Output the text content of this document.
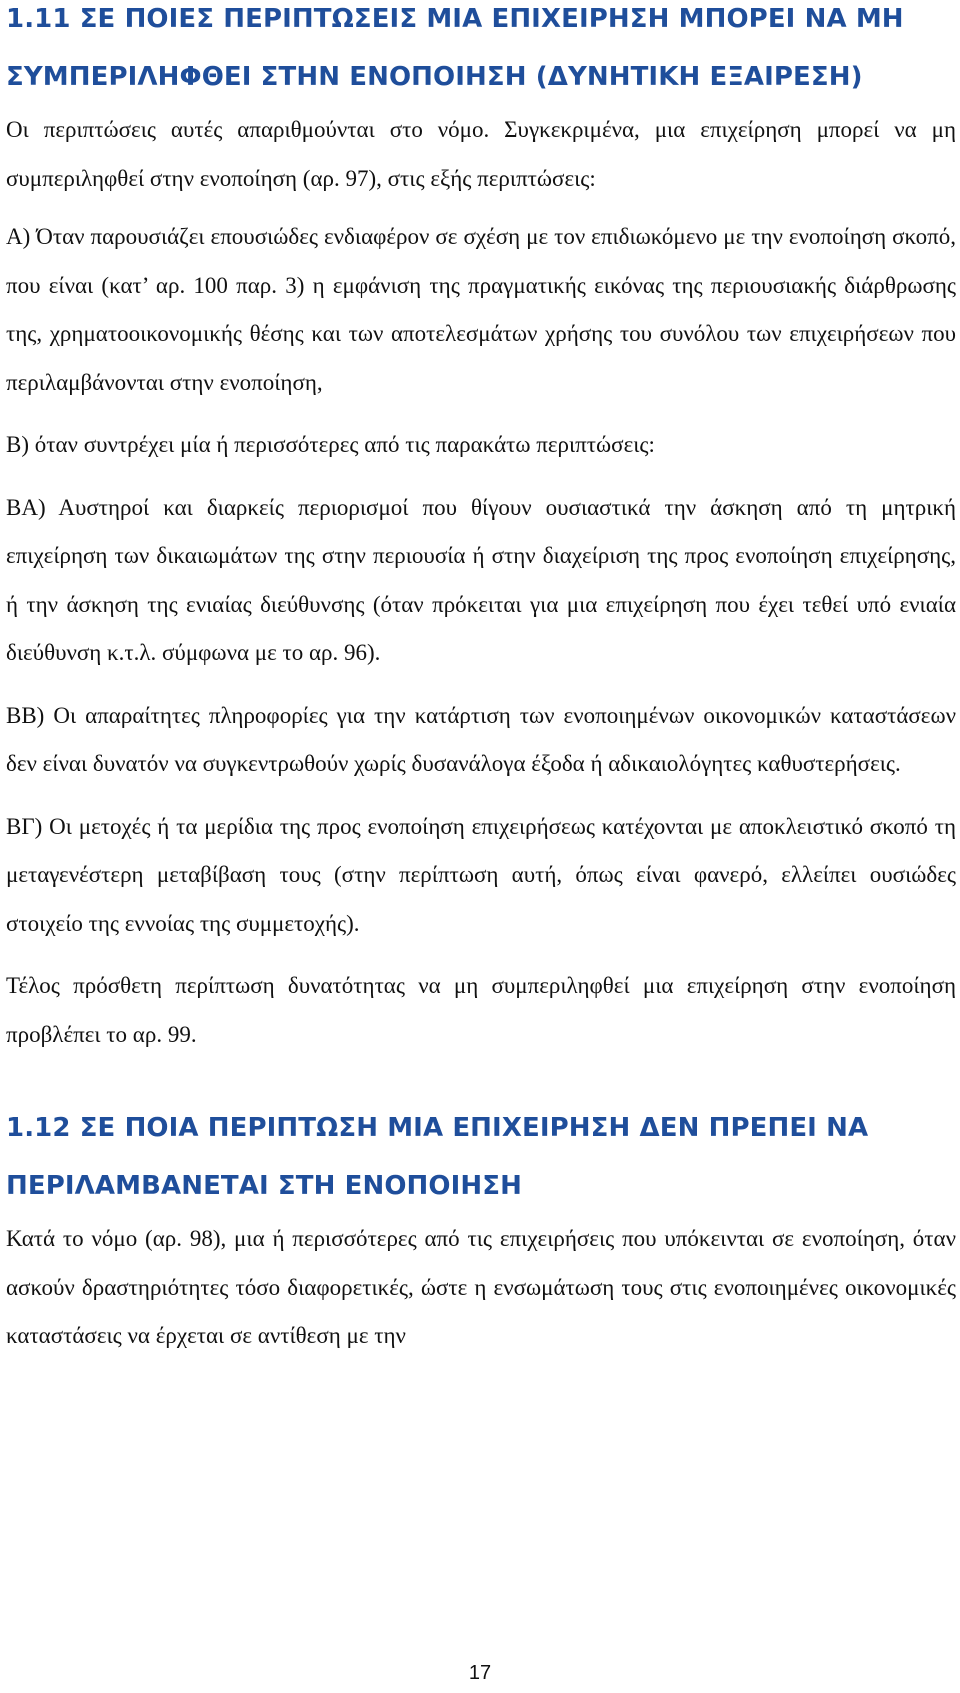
1.11 ΣΕ ΠΟΙΕΣ ΠΕΡΙΠΤΩΣΕΙΣ ΜΙΑ ΕΠΙΧΕΙΡΗΣΗ ΜΠΟΡΕΙ ΝΑ ΜΗ ΣΥΜΠΕΡΙΛΗΦΘΕΙ ΣΤΗΝ ΕΝΟΠΟΙΗΣΗ (ΔΥΝΗΤΙΚΗ ΕΞΑΙΡΕΣΗ)

Οι περιπτώσεις αυτές απαριθμούνται στο νόμο. Συγκεκριμένα, μια επιχείρηση μπορεί να μη συμπεριληφθεί στην ενοποίηση (αρ. 97), στις εξής περιπτώσεις:

Α) Όταν παρουσιάζει επουσιώδες ενδιαφέρον σε σχέση με τον επιδιωκόμενο με την ενοποίηση σκοπό, που είναι (κατ’ αρ. 100 παρ. 3) η εμφάνιση της πραγματικής εικόνας της περιουσιακής διάρθρωσης της, χρηματοοικονομικής θέσης και των αποτελεσμάτων χρήσης του συνόλου των επιχειρήσεων που περιλαμβάνονται στην ενοποίηση,

Β) όταν συντρέχει μία ή περισσότερες από τις παρακάτω περιπτώσεις:

ΒΑ) Αυστηροί και διαρκείς περιορισμοί που θίγουν ουσιαστικά την άσκηση από τη μητρική επιχείρηση των δικαιωμάτων της στην περιουσία ή στην διαχείριση της προς ενοποίηση επιχείρησης, ή την άσκηση της ενιαίας διεύθυνσης (όταν πρόκειται για μια επιχείρηση που έχει τεθεί υπό ενιαία διεύθυνση κ.τ.λ. σύμφωνα με το αρ. 96).

ΒΒ) Οι απαραίτητες πληροφορίες για την κατάρτιση των ενοποιημένων οικονομικών καταστάσεων δεν είναι δυνατόν να συγκεντρωθούν χωρίς δυσανάλογα έξοδα ή αδικαιολόγητες καθυστερήσεις.

ΒΓ) Οι μετοχές ή τα μερίδια της προς ενοποίηση επιχειρήσεως κατέχονται με αποκλειστικό σκοπό τη μεταγενέστερη μεταβίβαση τους (στην περίπτωση αυτή, όπως είναι φανερό, ελλείπει ουσιώδες στοιχείο της εννοίας της συμμετοχής).

Τέλος πρόσθετη περίπτωση δυνατότητας να μη συμπεριληφθεί μια επιχείρηση στην ενοποίηση προβλέπει το αρ. 99.

1.12 ΣΕ ΠΟΙΑ ΠΕΡΙΠΤΩΣΗ ΜΙΑ ΕΠΙΧΕΙΡΗΣΗ ΔΕΝ ΠΡΕΠΕΙ ΝΑ ΠΕΡΙΛΑΜΒΑΝΕΤΑΙ ΣΤΗ ΕΝΟΠΟΙΗΣΗ

Κατά το νόμο (αρ. 98), μια ή περισσότερες από τις επιχειρήσεις που υπόκεινται σε ενοποίηση, όταν ασκούν δραστηριότητες τόσο διαφορετικές, ώστε η ενσωμάτωση τους στις ενοποιημένες οικονομικές καταστάσεις να έρχεται σε αντίθεση με την

17
